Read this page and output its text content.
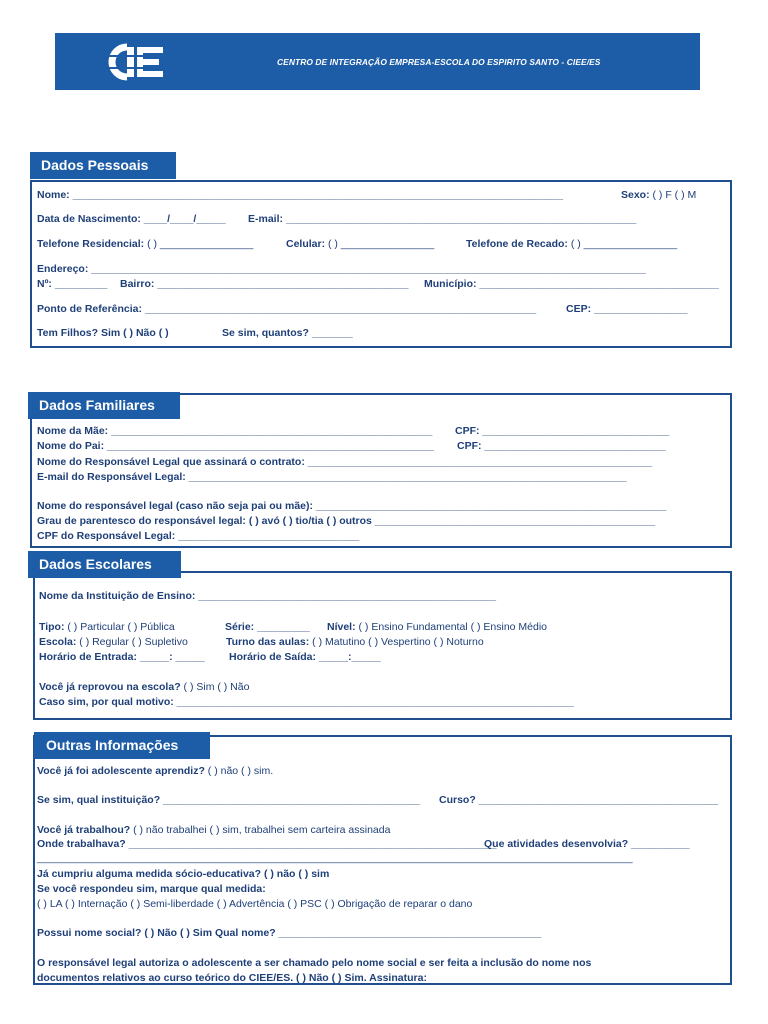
CENTRO DE INTEGRAÇÃO EMPRESA-ESCOLA DO ESPIRITO SANTO - CIEE/ES
Dados Pessoais
Nome: ____________________________________________________________________________________	Sexo: ( ) F ( ) M
Data de Nascimento: ____/____/_____ E-mail: ____________________________________________________________
Telefone Residencial: ( ) ________________	Celular: ( ) ________________	Telefone de Recado: ( ) ________________
Endereço: _______________________________________________________________________________________________
Nº: _________ Bairro: ___________________________________________ Município: _________________________________________
Ponto de Referência: ___________________________________________________________________	CEP: ________________
Tem Filhos? Sim ( ) Não ( )	Se sim, quantos? _______
Dados Familiares
Nome da Mãe: _______________________________________________________ CPF: ________________________________
Nome do Pai: ________________________________________________________ CPF: _______________________________
Nome do Responsável Legal que assinará o contrato: ___________________________________________________________
E-mail do Responsável Legal: ___________________________________________________________________________
Nome do responsável legal (caso não seja pai ou mãe): ____________________________________________________________
Grau de parentesco do responsável legal: ( ) avó ( ) tio/tia ( ) outros ________________________________________________
CPF do Responsável Legal: _______________________________
Dados Escolares
Nome da Instituição de Ensino: ___________________________________________________
Tipo: ( ) Particular ( ) Pública	Série: _________ Nível: ( ) Ensino Fundamental ( ) Ensino Médio
Escola: ( ) Regular ( ) Supletivo	Turno das aulas: ( ) Matutino ( ) Vespertino ( ) Noturno
Horário de Entrada: _____: _____ Horário de Saída: _____:_____
Você já reprovou na escola? ( ) Sim ( ) Não
Caso sim, por qual motivo: ____________________________________________________________________
Outras Informações
Você já foi adolescente aprendiz? ( ) não ( ) sim.
Se sim, qual instituição? ____________________________________________ Curso? _________________________________________
Você já trabalhou? ( ) não trabalhei ( ) sim, trabalhei sem carteira assinada
Onde trabalhava? _______________________________________________________________
Que atividades desenvolvia? __________
______________________________________________________________________________________________________
Já cumpriu alguma medida sócio-educativa? ( ) não ( ) sim
Se você respondeu sim, marque qual medida:
( ) LA ( ) Internação ( ) Semi-liberdade ( ) Advertência ( ) PSC ( ) Obrigação de reparar o dano
Possui nome social? ( ) Não ( ) Sim Qual nome? _____________________________________________
O responsável legal autoriza o adolescente a ser chamado pelo nome social e ser feita a inclusão do nome nos
documentos relativos ao curso teórico do CIEE/ES. ( ) Não ( ) Sim. Assinatura:
